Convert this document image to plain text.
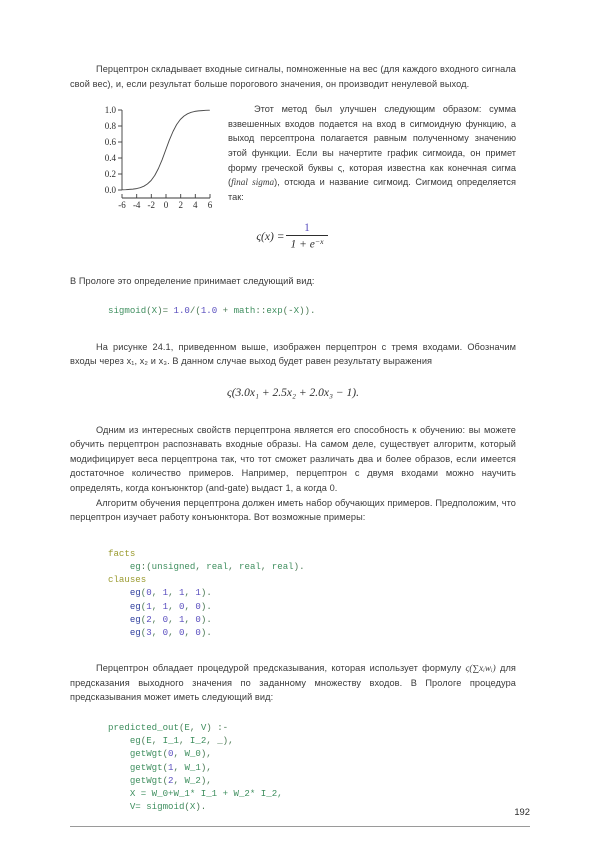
Перцептрон складывает входные сигналы, помноженные на вес (для каждого входного сигнала свой вес), и, если результат больше порогового значения, он производит ненулевой выход.

1.0
0.8
0.6
0.4
0.2
0.0
-6 -4 -2 0 2 4 6

Этот метод был улучшен следующим образом: сумма взвешенных входов подается на вход в сигмоидную функцию, а выход персептрона полагается равным полученному значению этой функции. Если вы начертите график сигмоида, он примет форму греческой буквы ς, которая известна как конечная сигма (final sigma), отсюда и название сигмоид. Сигмоид определяется так:

$\varsigma(x) = \frac{1}{1 + e^{-x}}$

В Прологе это определение принимает следующий вид:

sigmoid(X)= 1.0/(1.0 + math::exp(-X)).

На рисунке 24.1, приведенном выше, изображен перцептрон с тремя входами. Обозначим входы через x₁, x₂ и x₃. В данном случае выход будет равен результату выражения

ς(3.0x₁ + 2.5x₂ + 2.0x₃ − 1).

Одним из интересных свойств перцептрона является его способность к обучению: вы можете обучить перцептрон распознавать входные образы. На самом деле, существует алгоритм, который модифицирует веса перцептрона так, что тот сможет различать два и более образов, если имеется достаточное количество примеров. Например, перцептрон с двумя входами можно научить определять, когда конъюнктор (and-gate) выдаст 1, а когда 0.

Алгоритм обучения перцептрона должен иметь набор обучающих примеров. Предположим, что перцептрон изучает работу конъюнктора. Вот возможные примеры:

facts
eg:(unsigned, real, real, real).
clauses
eg(0, 1, 1, 1).
eg(1, 1, 0, 0).
eg(2, 0, 1, 0).
eg(3, 0, 0, 0).

Перцептрон обладает процедурой предсказывания, которая использует формулу ς(∑xᵢwᵢ) для предсказания выходного значения по заданному множеству входов. В Прологе процедура предсказывания может иметь следующий вид:

predicted_out(E, V) :-
eg(E, I_1, I_2, _),
getWgt(0, W_0),
getWgt(1, W_1),
getWgt(2, W_2),
X = W_0+W_1* I_1 + W_2* I_2,
V= sigmoid(X).	192
